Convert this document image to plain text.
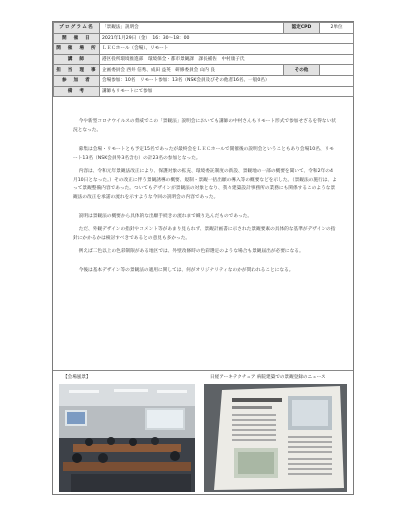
プログラム名	「景観法」説明会	認定CPD	2単位
開　催　日	2021年1月29日（金）　16：30～18：00		
開　催　場　所	ＬＥＣホール（会場）、リモート		
講　師	港区役所環境推進部　環境保全・都市景観課　課長補佐　中村康子氏		
担　当　理　事	企画委員会 西井 信秀、成田 益英　研修委員会 山内 良	その他	
参　加　者	会場参加：10名　リモート参加：13名（NSK会員及びその他者16名、一般0名）		
備　考	講師もリモートにて参加		

今や新型コロナウイルスの脅威でこの「景観法」説明会においても講師の中村さんもリモート形式で参加せざるを得ない状況となった。

募集は会場・リモートとも予定15名であったが最終会をＬＥＣホールで開催後の説明会ということもあり会場10名、リモート13名（NSK会員外3名含む）の計23名の参加となった。

内容は、令和元年景観法改正により、保護対象の拡充、環境委託制度の新設、景観地の一部の概要を聞いて、令和2年の4月10日となった。）その改正に伴う景観誘導の概要、規制・景観一括出願の導入等の概要などを示した。（景観法の施行は、よって景観整備内容であった。ついてもデザインが景観法の対象となり、我々建築設計事務所の業務にも関係するこのような景観法の改正を承諾の流れを示すような今回の説明会の内容であった。

説明は景観法の概要から具体的な出願手続きの流れまで織り込んだものであった。

ただ、外観デザインの指針やコメント等があまり見られず、景観計画書に示された景観要素の具体的な基準がデザインの指針にかかるかは検討すべきであるとの意見も多かった。

例えば二色以上の色彩制限がある地区では、外壁改修時の色彩選定のような場合も景観届出が必要になる。

今後は基本デザイン等の景観法の適用に関しては、何がオリジナリティなのかが問われることになる。

【会場風景】	日経アーキテクチュア 病院建築での景観登録のニュース
